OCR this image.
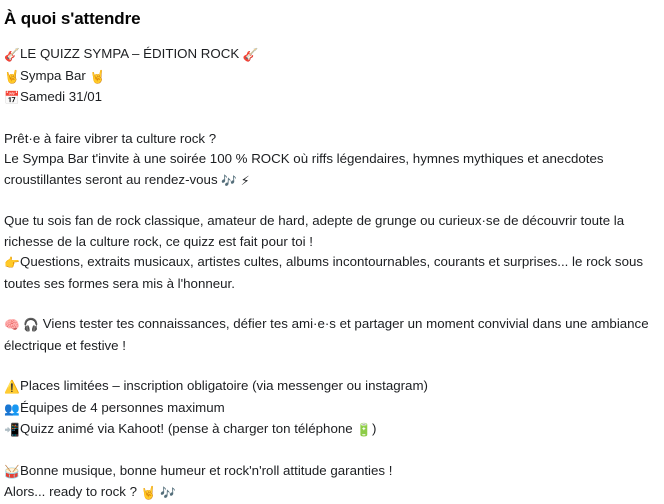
À quoi s'attendre

🎸LE QUIZZ SYMPA – ÉDITION ROCK 🎸

🤘Sympa Bar 🤘

📅Samedi 31/01

Prêt·e à faire vibrer ta culture rock ?

Le Sympa Bar t'invite à une soirée 100 % ROCK où riffs légendaires, hymnes mythiques et anecdotes croustillantes seront au rendez-vous 🎶 ⚡

Que tu sois fan de rock classique, amateur de hard, adepte de grunge ou curieux·se de découvrir toute la richesse de la culture rock, ce quizz est fait pour toi !

👉Questions, extraits musicaux, artistes cultes, albums incontournables, courants et surprises... le rock sous toutes ses formes sera mis à l'honneur.

🧠 🎧 Viens tester tes connaissances, défier tes ami·e·s et partager un moment convivial dans une ambiance électrique et festive !

⚠️Places limitées – inscription obligatoire (via messenger ou instagram)

👥Équipes de 4 personnes maximum

📲Quizz animé via Kahoot! (pense à charger ton téléphone 🔋)

🥁Bonne musique, bonne humeur et rock'n'roll attitude garanties !

Alors... ready to rock ? 🤘 🎶
